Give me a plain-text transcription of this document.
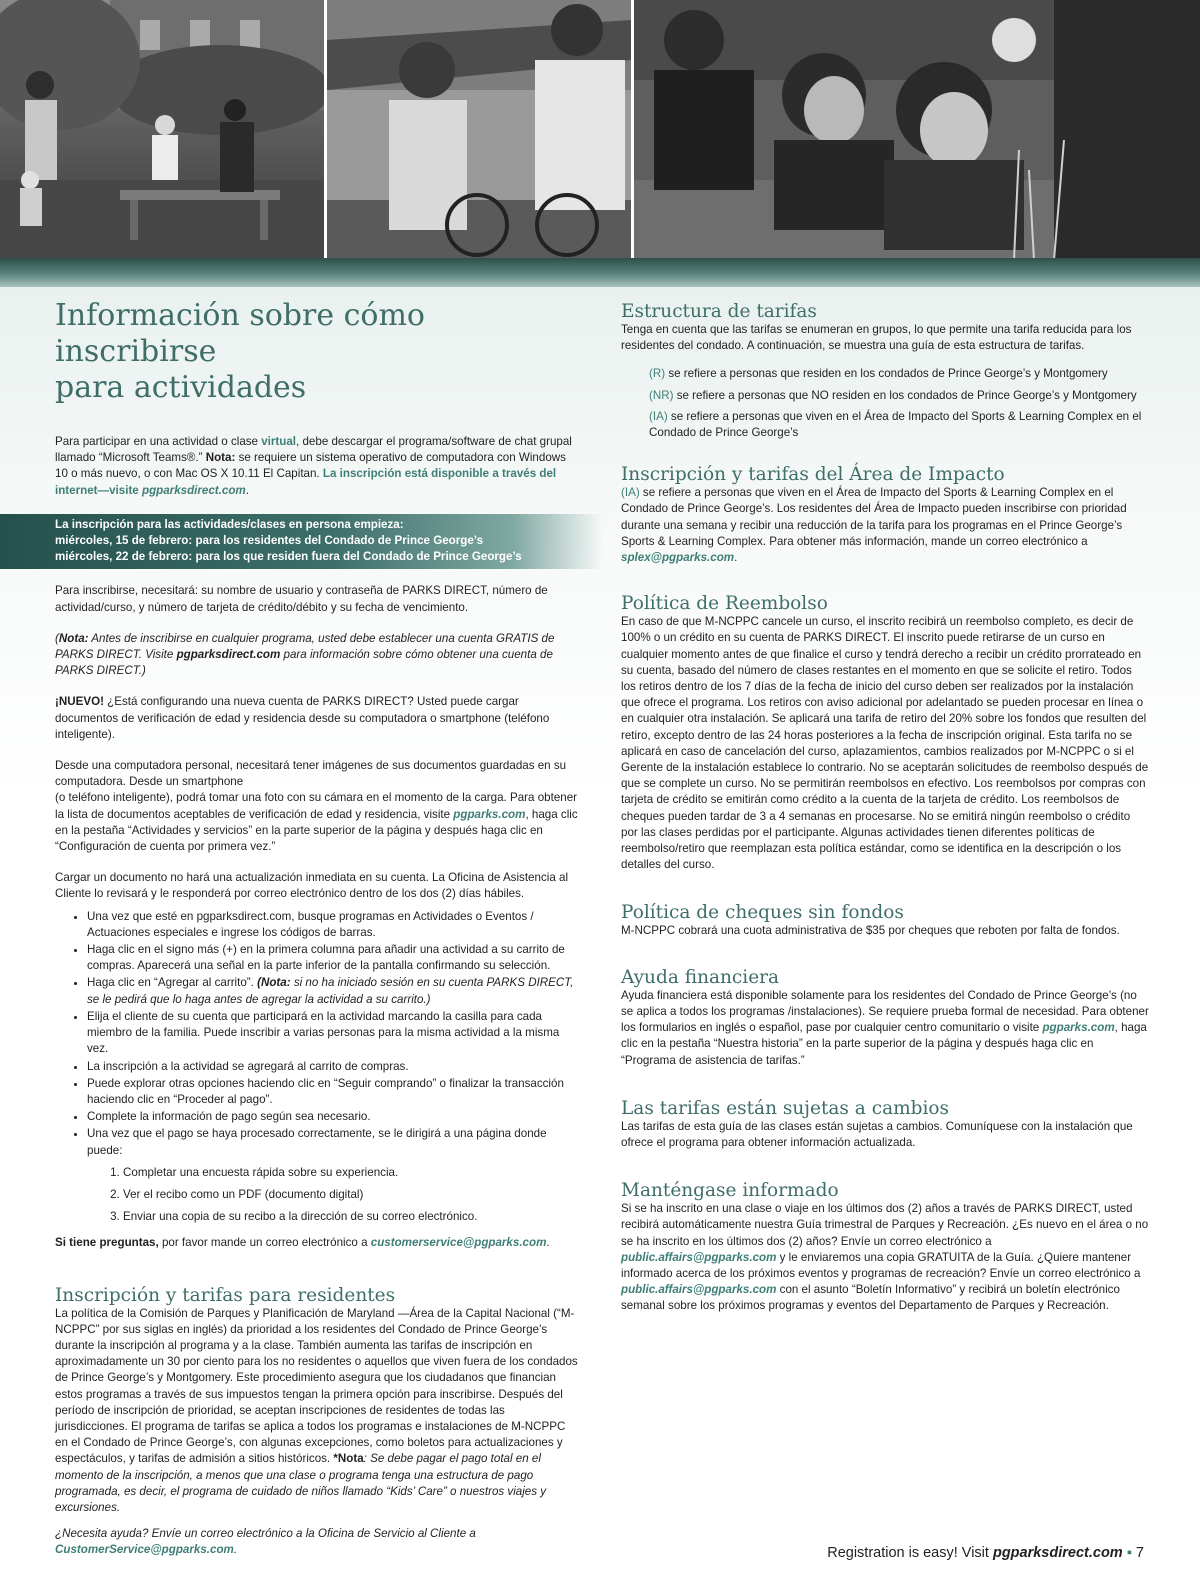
Información sobre cómo inscribirse
para actividades

Para participar en una actividad o clase virtual, debe descargar el programa/software de chat grupal llamado “Microsoft Teams®.” Nota: se requiere un sistema operativo de computadora con Windows 10 o más nuevo, o con Mac OS X 10.11 El Capitan. La inscripción está disponible a través del internet—visite pgparksdirect.com.

La inscripción para las actividades/clases en persona empieza:
miércoles, 15 de febrero: para los residentes del Condado de Prince George’s
miércoles, 22 de febrero: para los que residen fuera del Condado de Prince George’s

Para inscribirse, necesitará: su nombre de usuario y contraseña de PARKS DIRECT, número de actividad/curso, y número de tarjeta de crédito/débito y su fecha de vencimiento.

(Nota: Antes de inscribirse en cualquier programa, usted debe establecer una cuenta GRATIS de PARKS DIRECT. Visite pgparksdirect.com para información sobre cómo obtener una cuenta de PARKS DIRECT.)

¡NUEVO! ¿Está configurando una nueva cuenta de PARKS DIRECT? Usted puede cargar documentos de verificación de edad y residencia desde su computadora o smartphone (teléfono inteligente).

Desde una computadora personal, necesitará tener imágenes de sus documentos guardadas en su computadora. Desde un smartphone
(o teléfono inteligente), podrá tomar una foto con su cámara en el momento de la carga. Para obtener la lista de documentos aceptables de verificación de edad y residencia, visite pgparks.com, haga clic en la pestaña “Actividades y servicios” en la parte superior de la página y después haga clic en “Configuración de cuenta por primera vez.”

Cargar un documento no hará una actualización inmediata en su cuenta. La Oficina de Asistencia al Cliente lo revisará y le responderá por correo electrónico dentro de los dos (2) días hábiles.

• Una vez que esté en pgparksdirect.com, busque programas en Actividades o Eventos / Actuaciones especiales e ingrese los códigos de barras.
• Haga clic en el signo más (+) en la primera columna para añadir una actividad a su carrito de compras. Aparecerá una señal en la parte inferior de la pantalla confirmando su selección.
• Haga clic en “Agregar al carrito”. (Nota: si no ha iniciado sesión en su cuenta PARKS DIRECT, se le pedirá que lo haga antes de agregar la actividad a su carrito.)
• Elija el cliente de su cuenta que participará en la actividad marcando la casilla para cada miembro de la familia. Puede inscribir a varias personas para la misma actividad a la misma vez.
• La inscripción a la actividad se agregará al carrito de compras.
• Puede explorar otras opciones haciendo clic en “Seguir comprando” o finalizar la transacción haciendo clic en “Proceder al pago”.
• Complete la información de pago según sea necesario.
• Una vez que el pago se haya procesado correctamente, se le dirigirá a una página donde puede:
1. Completar una encuesta rápida sobre su experiencia.
2. Ver el recibo como un PDF (documento digital)
3. Enviar una copia de su recibo a la dirección de su correo electrónico.

Si tiene preguntas, por favor mande un correo electrónico a customerservice@pgparks.com.

Inscripción y tarifas para residentes

La política de la Comisión de Parques y Planificación de Maryland —Área de la Capital Nacional (“M-NCPPC” por sus siglas en inglés) da prioridad a los residentes del Condado de Prince George’s durante la inscripción al programa y a la clase. También aumenta las tarifas de inscripción en aproximadamente un 30 por ciento para los no residentes o aquellos que viven fuera de los condados de Prince George’s y Montgomery. Este procedimiento asegura que los ciudadanos que financian estos programas a través de sus impuestos tengan la primera opción para inscribirse. Después del período de inscripción de prioridad, se aceptan inscripciones de residentes de todas las jurisdicciones. El programa de tarifas se aplica a todos los programas e instalaciones de M-NCPPC en el Condado de Prince George’s, con algunas excepciones, como boletos para actualizaciones y espectáculos, y tarifas de admisión a sitios históricos. *Nota: Se debe pagar el pago total en el momento de la inscripción, a menos que una clase o programa tenga una estructura de pago programada, es decir, el programa de cuidado de niños llamado “Kids’ Care” o nuestros viajes y excursiones.

¿Necesita ayuda? Envíe un correo electrónico a la Oficina de Servicio al Cliente a CustomerService@pgparks.com.

Estructura de tarifas
Tenga en cuenta que las tarifas se enumeran en grupos, lo que permite una tarifa reducida para los residentes del condado. A continuación, se muestra una guía de esta estructura de tarifas.
(R) se refiere a personas que residen en los condados de Prince George’s y Montgomery
(NR) se refiere a personas que NO residen en los condados de Prince George’s y Montgomery
(IA) se refiere a personas que viven en el Área de Impacto del Sports & Learning Complex en el Condado de Prince George’s
Inscripción y tarifas del Área de Impacto

(IA) se refiere a personas que viven en el Área de Impacto del Sports & Learning Complex en el Condado de Prince George’s. Los residentes del Área de Impacto pueden inscribirse con prioridad durante una semana y recibir una reducción de la tarifa para los programas en el Prince George’s Sports & Learning Complex. Para obtener más información, mande un correo electrónico a splex@pgparks.com.

Política de Reembolso

En caso de que M-NCPPC cancele un curso, el inscrito recibirá un reembolso completo, es decir de 100% o un crédito en su cuenta de PARKS DIRECT. El inscrito puede retirarse de un curso en cualquier momento antes de que finalice el curso y tendrá derecho a recibir un crédito prorrateado en su cuenta, basado del número de clases restantes en el momento en que se solicite el retiro. Todos los retiros dentro de los 7 días de la fecha de inicio del curso deben ser realizados por la instalación que ofrece el programa. Los retiros con aviso adicional por adelantado se pueden procesar en línea o en cualquier otra instalación. Se aplicará una tarifa de retiro del 20% sobre los fondos que resulten del retiro, excepto dentro de las 24 horas posteriores a la fecha de inscripción original. Esta tarifa no se aplicará en caso de cancelación del curso, aplazamientos, cambios realizados por M-NCPPC o si el Gerente de la instalación establece lo contrario. No se aceptarán solicitudes de reembolso después de que se complete un curso. No se permitirán reembolsos en efectivo. Los reembolsos por compras con tarjeta de crédito se emitirán como crédito a la cuenta de la tarjeta de crédito. Los reembolsos de cheques pueden tardar de 3 a 4 semanas en procesarse. No se emitirá ningún reembolso o crédito por las clases perdidas por el participante. Algunas actividades tienen diferentes políticas de reembolso/retiro que reemplazan esta política estándar, como se identifica en la descripción o los detalles del curso.

Política de cheques sin fondos

M-NCPPC cobrará una cuota administrativa de $35 por cheques que reboten por falta de fondos.

Ayuda financiera

Ayuda financiera está disponible solamente para los residentes del Condado de Prince George’s (no se aplica a todos los programas /instalaciones). Se requiere prueba formal de necesidad. Para obtener los formularios en inglés o español, pase por cualquier centro comunitario o visite pgparks.com, haga clic en la pestaña “Nuestra historia” en la parte superior de la página y después haga clic en “Programa de asistencia de tarifas.”

Las tarifas están sujetas a cambios

Las tarifas de esta guía de las clases están sujetas a cambios. Comuníquese con la instalación que ofrece el programa para obtener información actualizada.

Manténgase informado

Si se ha inscrito en una clase o viaje en los últimos dos (2) años a través de PARKS DIRECT, usted recibirá automáticamente nuestra Guía trimestral de Parques y Recreación. ¿Es nuevo en el área o no se ha inscrito en los últimos dos (2) años? Envíe un correo electrónico a public.affairs@pgparks.com y le enviaremos una copia GRATUITA de la Guía. ¿Quiere mantener informado acerca de los próximos eventos y programas de recreación? Envíe un correo electrónico a public.affairs@pgparks.com con el asunto “Boletín Informativo” y recibirá un boletín electrónico semanal sobre los próximos programas y eventos del Departamento de Parques y Recreación.

Registration is easy! Visit pgparksdirect.com ▪ 7
